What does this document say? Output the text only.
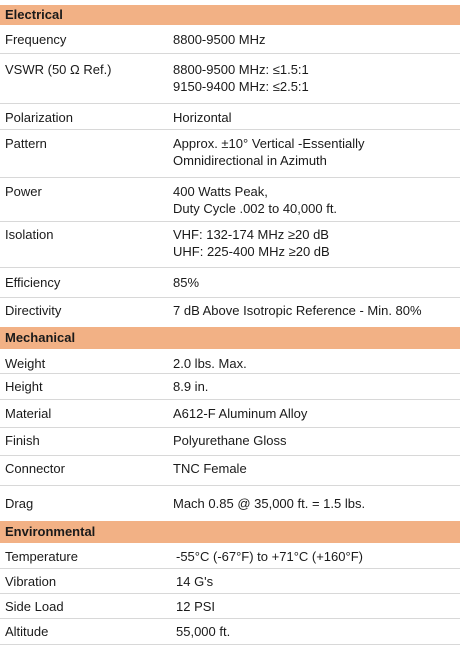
Electrical
Frequency	8800-9500 MHz
VSWR (50 Ω Ref.)	8800-9500 MHz: ≤1.5:1
9150-9400 MHz: ≤2.5:1
Polarization	Horizontal
Pattern	Approx. ±10° Vertical -Essentially
Omnidirectional in Azimuth
Power	400 Watts Peak,
Duty Cycle .002 to 40,000 ft.
Isolation	VHF: 132-174 MHz ≥20 dB
UHF: 225-400 MHz ≥20 dB
Efficiency	85%
Directivity	7 dB Above Isotropic Reference - Min. 80%
Mechanical
Weight	2.0 lbs. Max.
Height	8.9 in.
Material	A612-F Aluminum Alloy
Finish	Polyurethane Gloss
Connector	TNC Female
Drag	Mach 0.85 @ 35,000 ft. = 1.5 lbs.
Environmental
Temperature	-55°C (-67°F) to +71°C (+160°F)
Vibration	14 G's
Side Load	12 PSI
Altitude	55,000 ft.
